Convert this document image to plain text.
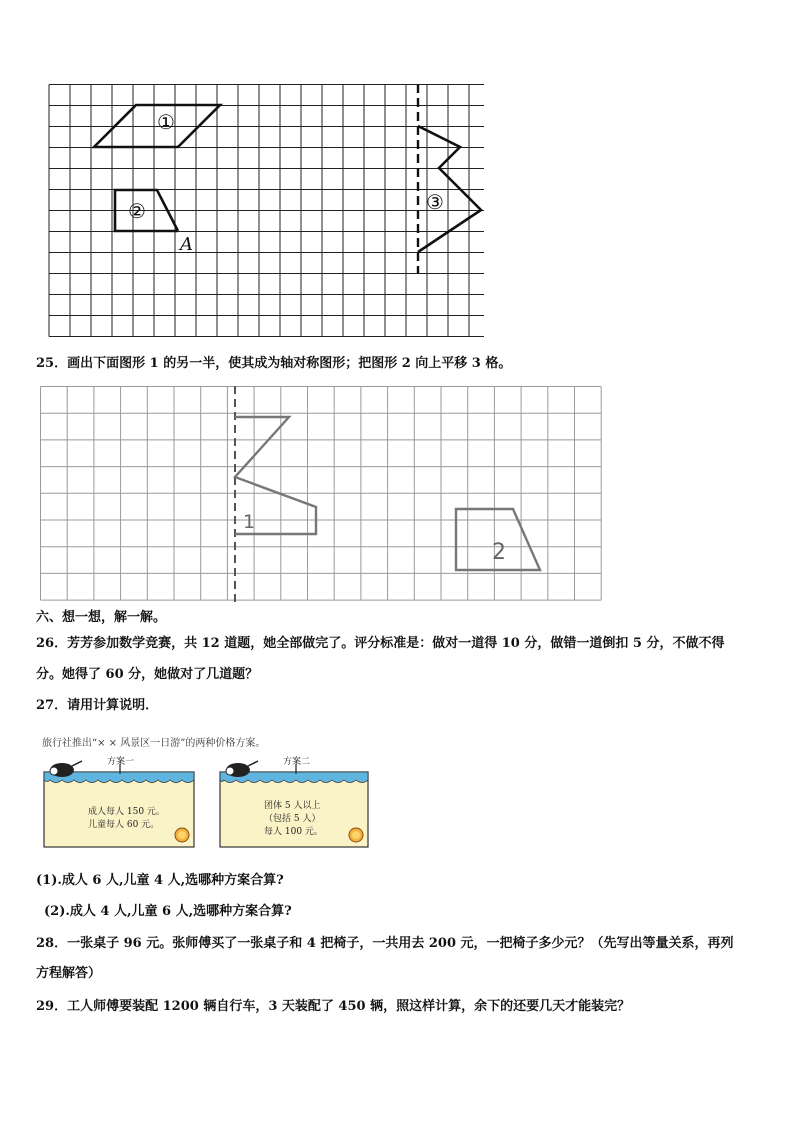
①
②	③
A
25．画出下面图形 1 的另一半，使其成为轴对称图形；把图形 2 向上平移 3 格。
1
2
六、想一想，解一解。
26．芳芳参加数学竞赛，共 12 道题，她全部做完了。评分标准是：做对一道得 10 分，做错一道倒扣 5 分，不做不得
分。她得了 60 分，她做对了几道题？
27．请用计算说明．
旅行社推出“× × 风景区一日游”的两种价格方案。
方案一
成人每人 150 元。
儿童每人 60 元。
方案二
团体 5 人以上
（包括 5 人）
每人 100 元。
(1).成人 6 人,儿童 4 人,选哪种方案合算?
(2).成人 4 人,儿童 6 人,选哪种方案合算?
28．一张桌子 96 元。张师傅买了一张桌子和 4 把椅子，一共用去 200 元，一把椅子多少元？（先写出等量关系，再列
方程解答）
29．工人师傅要装配 1200 辆自行车，3 天装配了 450 辆，照这样计算，余下的还要几天才能装完？
